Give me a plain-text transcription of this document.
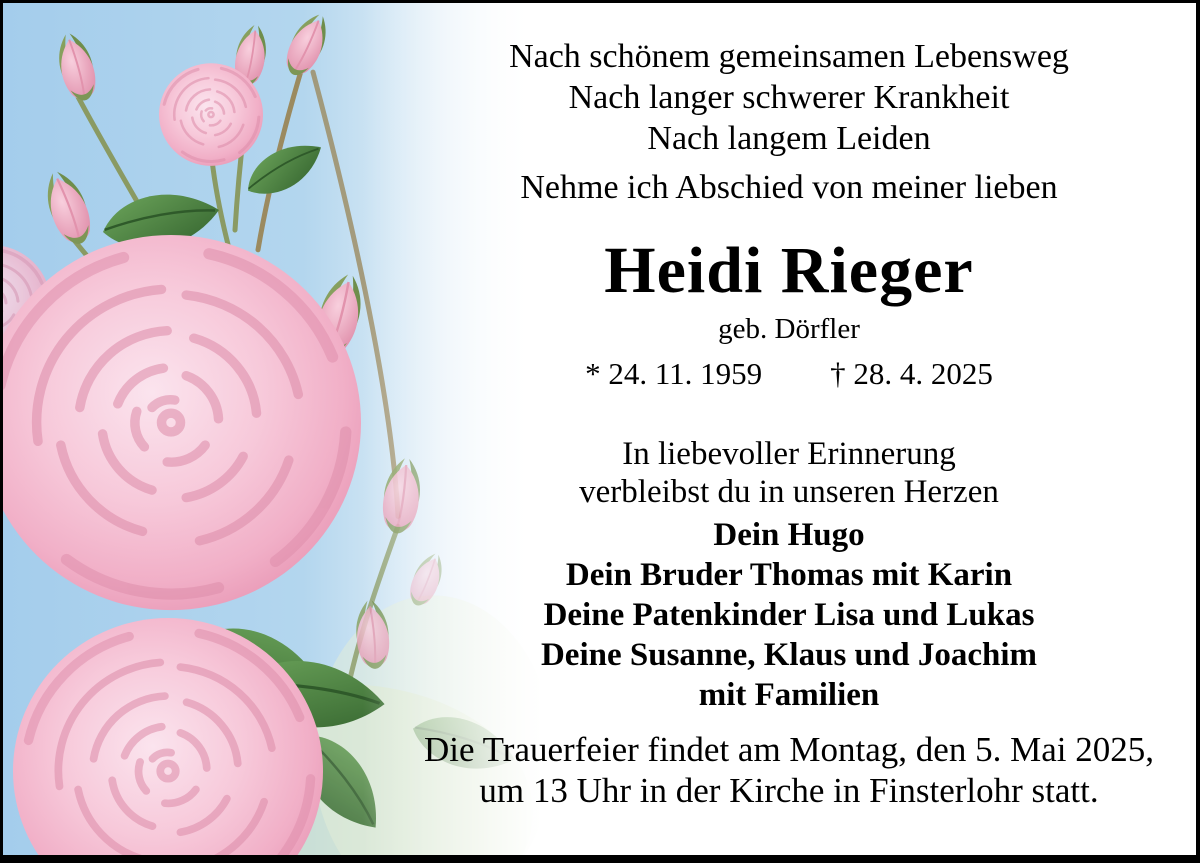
Nach schönem gemeinsamen Lebensweg
Nach langer schwerer Krankheit
Nach langem Leiden
Nehme ich Abschied von meiner lieben
Heidi Rieger
geb. Dörfler
* 24. 11. 1959 † 28. 4. 2025
In liebevoller Erinnerung
verbleibst du in unseren Herzen
Dein Hugo
Dein Bruder Thomas mit Karin
Deine Patenkinder Lisa und Lukas
Deine Susanne, Klaus und Joachim
mit Familien
Die Trauerfeier findet am Montag, den 5. Mai 2025,
um 13 Uhr in der Kirche in Finsterlohr statt.
